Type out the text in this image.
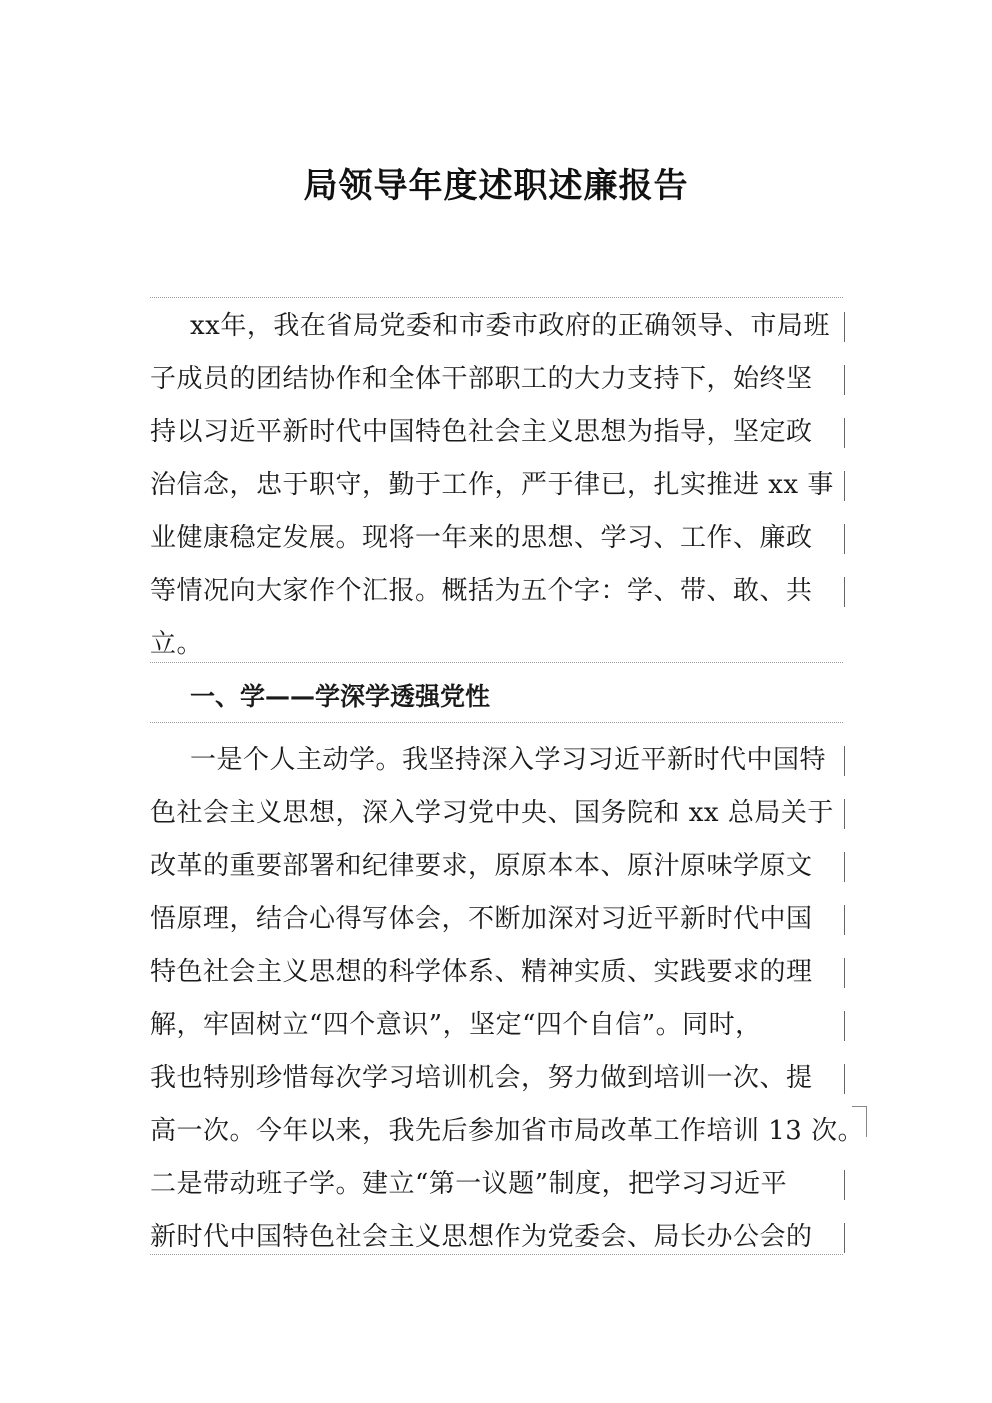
局领导年度述职述廉报告
xx年，我在省局党委和市委市政府的正确领导、市局班
子成员的团结协作和全体干部职工的大力支持下，始终坚
持以习近平新时代中国特色社会主义思想为指导，坚定政
治信念，忠于职守，勤于工作，严于律已，扎实推进 xx 事
业健康稳定发展。现将一年来的思想、学习、工作、廉政
等情况向大家作个汇报。概括为五个字：学、带、敢、共
立。
一、学——学深学透强党性
一是个人主动学。我坚持深入学习习近平新时代中国特
色社会主义思想，深入学习党中央、国务院和 xx 总局关于
改革的重要部署和纪律要求，原原本本、原汁原味学原文
悟原理，结合心得写体会，不断加深对习近平新时代中国
特色社会主义思想的科学体系、精神实质、实践要求的理
解，牢固树立“四个意识”，坚定“四个自信”。同时，
我也特别珍惜每次学习培训机会，努力做到培训一次、提
高一次。今年以来，我先后参加省市局改革工作培训 13 次。
二是带动班子学。建立“第一议题”制度，把学习习近平
新时代中国特色社会主义思想作为党委会、局长办公会的
